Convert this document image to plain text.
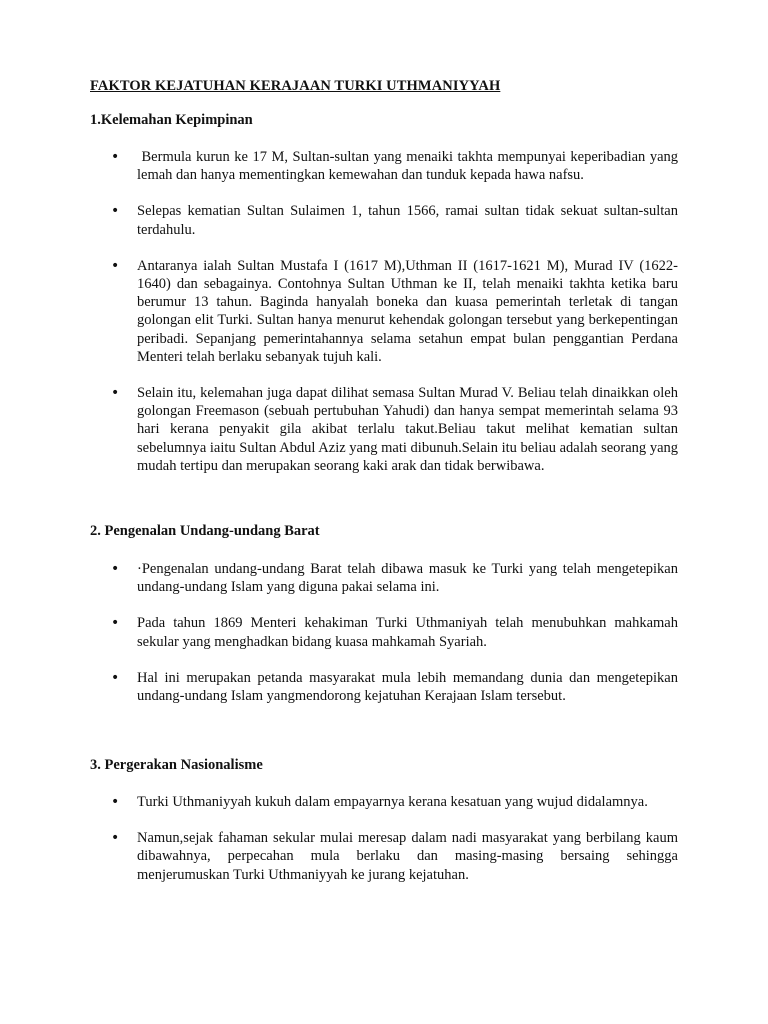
FAKTOR KEJATUHAN KERAJAAN TURKI UTHMANIYYAH
1.Kelemahan Kepimpinan
• Bermula kurun ke 17 M, Sultan-sultan yang menaiki takhta mempunyai keperibadian yang lemah dan hanya mementingkan kemewahan dan tunduk kepada hawa nafsu.
• Selepas kematian Sultan Sulaimen 1, tahun 1566, ramai sultan tidak sekuat sultan-sultan terdahulu.
• Antaranya ialah Sultan Mustafa I (1617 M),Uthman II (1617-1621 M), Murad IV (1622-1640) dan sebagainya. Contohnya Sultan Uthman ke II, telah menaiki takhta ketika baru berumur 13 tahun. Baginda hanyalah boneka dan kuasa pemerintah terletak di tangan golongan elit Turki. Sultan hanya menurut kehendak golongan tersebut yang berkepentingan peribadi. Sepanjang pemerintahannya selama setahun empat bulan penggantian Perdana Menteri telah berlaku sebanyak tujuh kali.
• Selain itu, kelemahan juga dapat dilihat semasa Sultan Murad V. Beliau telah dinaikkan oleh golongan Freemason (sebuah pertubuhan Yahudi) dan hanya sempat memerintah selama 93 hari kerana penyakit gila akibat terlalu takut.Beliau takut melihat kematian sultan sebelumnya iaitu Sultan Abdul Aziz yang mati dibunuh.Selain itu beliau adalah seorang yang mudah tertipu dan merupakan seorang kaki arak dan tidak berwibawa.
2. Pengenalan Undang-undang Barat
• ·Pengenalan undang-undang Barat telah dibawa masuk ke Turki yang telah mengetepikan undang-undang Islam yang diguna pakai selama ini.
• Pada tahun 1869 Menteri kehakiman Turki Uthmaniyah telah menubuhkan mahkamah sekular yang menghadkan bidang kuasa mahkamah Syariah.
• Hal ini merupakan petanda masyarakat mula lebih memandang dunia dan mengetepikan undang-undang Islam yangmendorong kejatuhan Kerajaan Islam tersebut.
3. Pergerakan Nasionalisme
• Turki Uthmaniyyah kukuh dalam empayarnya kerana kesatuan yang wujud didalamnya.
• Namun,sejak fahaman sekular mulai meresap dalam nadi masyarakat yang berbilang kaum dibawahnya, perpecahan mula berlaku dan masing-masing bersaing sehingga menjerumuskan Turki Uthmaniyyah ke jurang kejatuhan.
